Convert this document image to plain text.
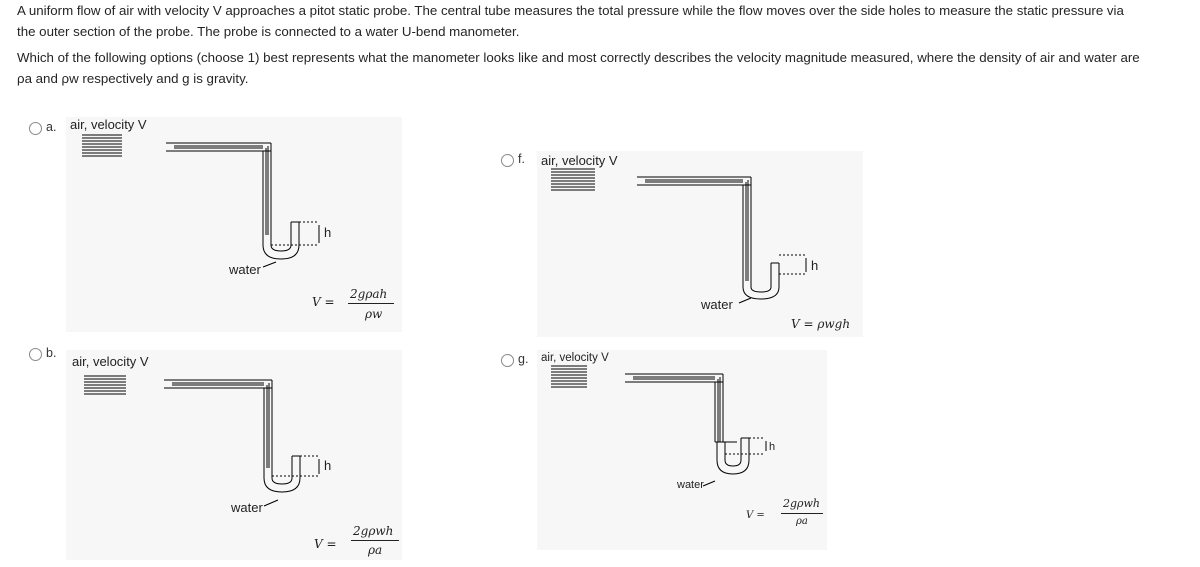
A uniform flow of air with velocity V approaches a pitot static probe. The central tube measures the total pressure while the flow moves over the side holes to measure the static pressure via
the outer section of the probe. The probe is connected to a water U-bend manometer.
Which of the following options (choose 1) best represents what the manometer looks like and most correctly describes the velocity magnitude measured, where the density of air and water are
ρa and ρw respectively and g is gravity.
a. air, velocity V
h
water
V =
2gρah
ρw
b.
air, velocity V
h
water
V =
2gρwh
ρa
f. air, velocity V
h
water
V = ρwgh
g. air, velocity V
h
water
V =
2gρwh
ρa
